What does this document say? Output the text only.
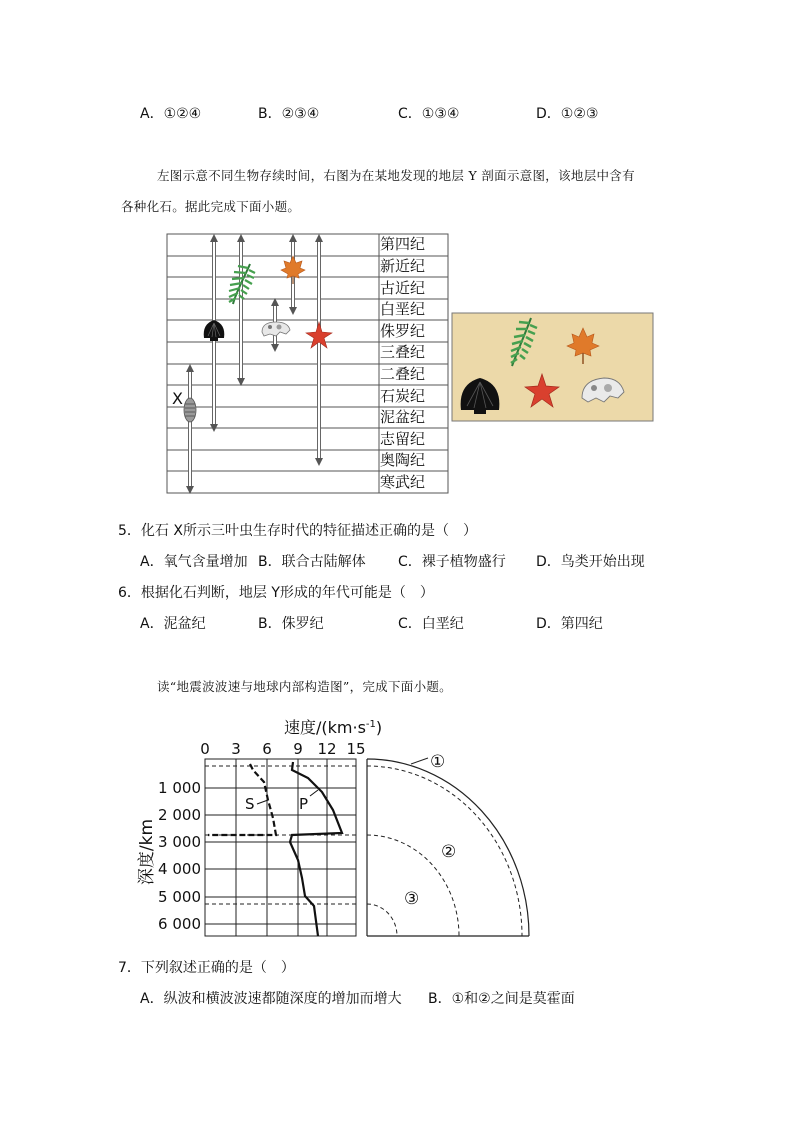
A．①②④	B．②③④	C．①③④	D．①②③
左图示意不同生物存续时间，右图为在某地发现的地层 Y 剖面示意图，该地层中含有
各种化石。据此完成下面小题。
X
第四纪
新近纪
古近纪
白垩纪
侏罗纪
三叠纪
二叠纪
石炭纪
泥盆纪
志留纪
奥陶纪
寒武纪
5．化石 X所示三叶虫生存时代的特征描述正确的是（　）
A．氧气含量增加 B．联合古陆解体 C．裸子植物盛行 D．鸟类开始出现
6．根据化石判断，地层 Y形成的年代可能是（　）
A．泥盆纪	B．侏罗纪	C．白垩纪	D．第四纪
读“地震波波速与地球内部构造图”，完成下面小题。
速度$/(km\cdot s^{-1})$
0 3 6 9 12 15
1 000
2 000
3 000
4 000
5 000
6 000
深度/km
S	P
①
②
③
7．下列叙述正确的是（　）
A．纵波和横波波速都随深度的增加而增大 B．①和②之间是莫霍面
